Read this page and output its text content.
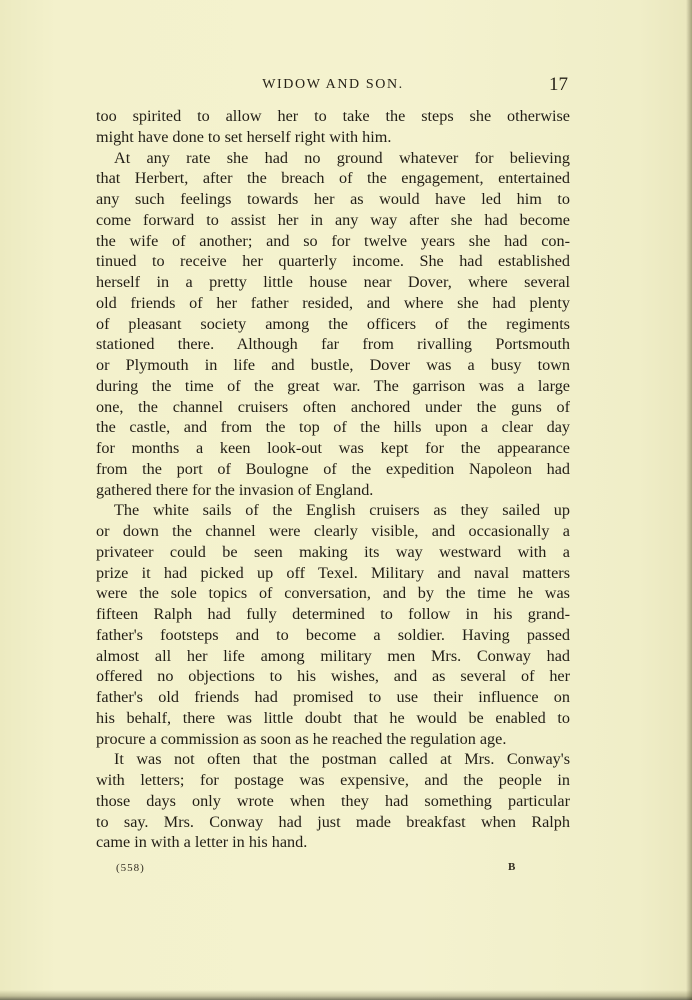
WIDOW AND SON.	17
too spirited to allow her to take the steps she otherwise
might have done to set herself right with him.
At any rate she had no ground whatever for believing
that Herbert, after the breach of the engagement, entertained
any such feelings towards her as would have led him to
come forward to assist her in any way after she had become
the wife of another; and so for twelve years she had con-
tinued to receive her quarterly income. She had established
herself in a pretty little house near Dover, where several
old friends of her father resided, and where she had plenty
of pleasant society among the officers of the regiments
stationed there. Although far from rivalling Portsmouth
or Plymouth in life and bustle, Dover was a busy town
during the time of the great war. The garrison was a large
one, the channel cruisers often anchored under the guns of
the castle, and from the top of the hills upon a clear day
for months a keen look-out was kept for the appearance
from the port of Boulogne of the expedition Napoleon had
gathered there for the invasion of England.
The white sails of the English cruisers as they sailed up
or down the channel were clearly visible, and occasionally a
privateer could be seen making its way westward with a
prize it had picked up off Texel. Military and naval matters
were the sole topics of conversation, and by the time he was
fifteen Ralph had fully determined to follow in his grand-
father's footsteps and to become a soldier. Having passed
almost all her life among military men Mrs. Conway had
offered no objections to his wishes, and as several of her
father's old friends had promised to use their influence on
his behalf, there was little doubt that he would be enabled to
procure a commission as soon as he reached the regulation age.
It was not often that the postman called at Mrs. Conway's
with letters; for postage was expensive, and the people in
those days only wrote when they had something particular
to say. Mrs. Conway had just made breakfast when Ralph
came in with a letter in his hand.
(558)	B
